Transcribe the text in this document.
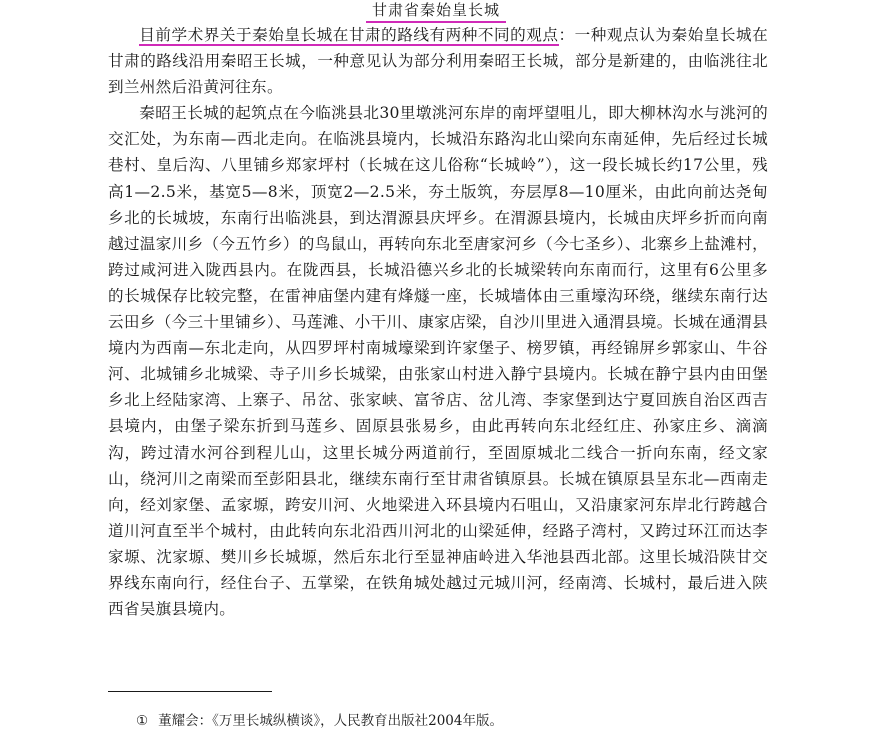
甘肃省秦始皇长城

目前学术界关于秦始皇长城在甘肃的路线有两种不同的观点：一种观点认为秦始皇长城在甘肃的路线沿用秦昭王长城，一种意见认为部分利用秦昭王长城，部分是新建的，由临洮往北到兰州然后沿黄河往东。

秦昭王长城的起筑点在今临洮县北30里墩洮河东岸的南坪望咀儿，即大柳林沟水与洮河的交汇处，为东南—西北走向。在临洮县境内，长城沿东路沟北山梁向东南延伸，先后经过长城巷村、皇后沟、八里铺乡郑家坪村（长城在这儿俗称“长城岭”），这一段长城长约17公里，残高1—2.5米，基宽5—8米，顶宽2—2.5米，夯土版筑，夯层厚8—10厘米，由此向前达尧甸乡北的长城坡，东南行出临洮县，到达渭源县庆坪乡。在渭源县境内，长城由庆坪乡折而向南越过温家川乡（今五竹乡）的鸟鼠山，再转向东北至唐家河乡（今七圣乡）、北寨乡上盐滩村，跨过咸河进入陇西县内。在陇西县，长城沿德兴乡北的长城梁转向东南而行，这里有6公里多的长城保存比较完整，在雷神庙堡内建有烽燧一座，长城墙体由三重壕沟环绕，继续东南行达云田乡（今三十里铺乡）、马莲滩、小干川、康家店梁，自沙川里进入通渭县境。长城在通渭县境内为西南—东北走向，从四罗坪村南城壕梁到许家堡子、榜罗镇，再经锦屏乡郭家山、牛谷河、北城铺乡北城梁、寺子川乡长城梁，由张家山村进入静宁县境内。长城在静宁县内由田堡乡北上经陆家湾、上寨子、吊岔、张家峡、富爷店、岔儿湾、李家堡到达宁夏回族自治区西吉县境内，由堡子梁东折到马莲乡、固原县张易乡，由此再转向东北经红庄、孙家庄乡、滴滴沟，跨过清水河谷到程儿山，这里长城分两道前行，至固原城北二线合一折向东南，经文家山，绕河川之南梁而至彭阳县北，继续东南行至甘肃省镇原县。长城在镇原县呈东北—西南走向，经刘家堡、孟家塬，跨安川河、火地梁进入环县境内石咀山，又沿康家河东岸北行跨越合道川河直至半个城村，由此转向东北沿西川河北的山梁延伸，经路子湾村，又跨过环江而达李家塬、沈家塬、樊川乡长城塬，然后东北行至显神庙岭进入华池县西北部。这里长城沿陕甘交界线东南向行，经住台子、五掌梁，在铁角城处越过元城川河，经南湾、长城村，最后进入陕西省吴旗县境内。

① 董耀会：《万里长城纵横谈》，人民教育出版社2004年版。
